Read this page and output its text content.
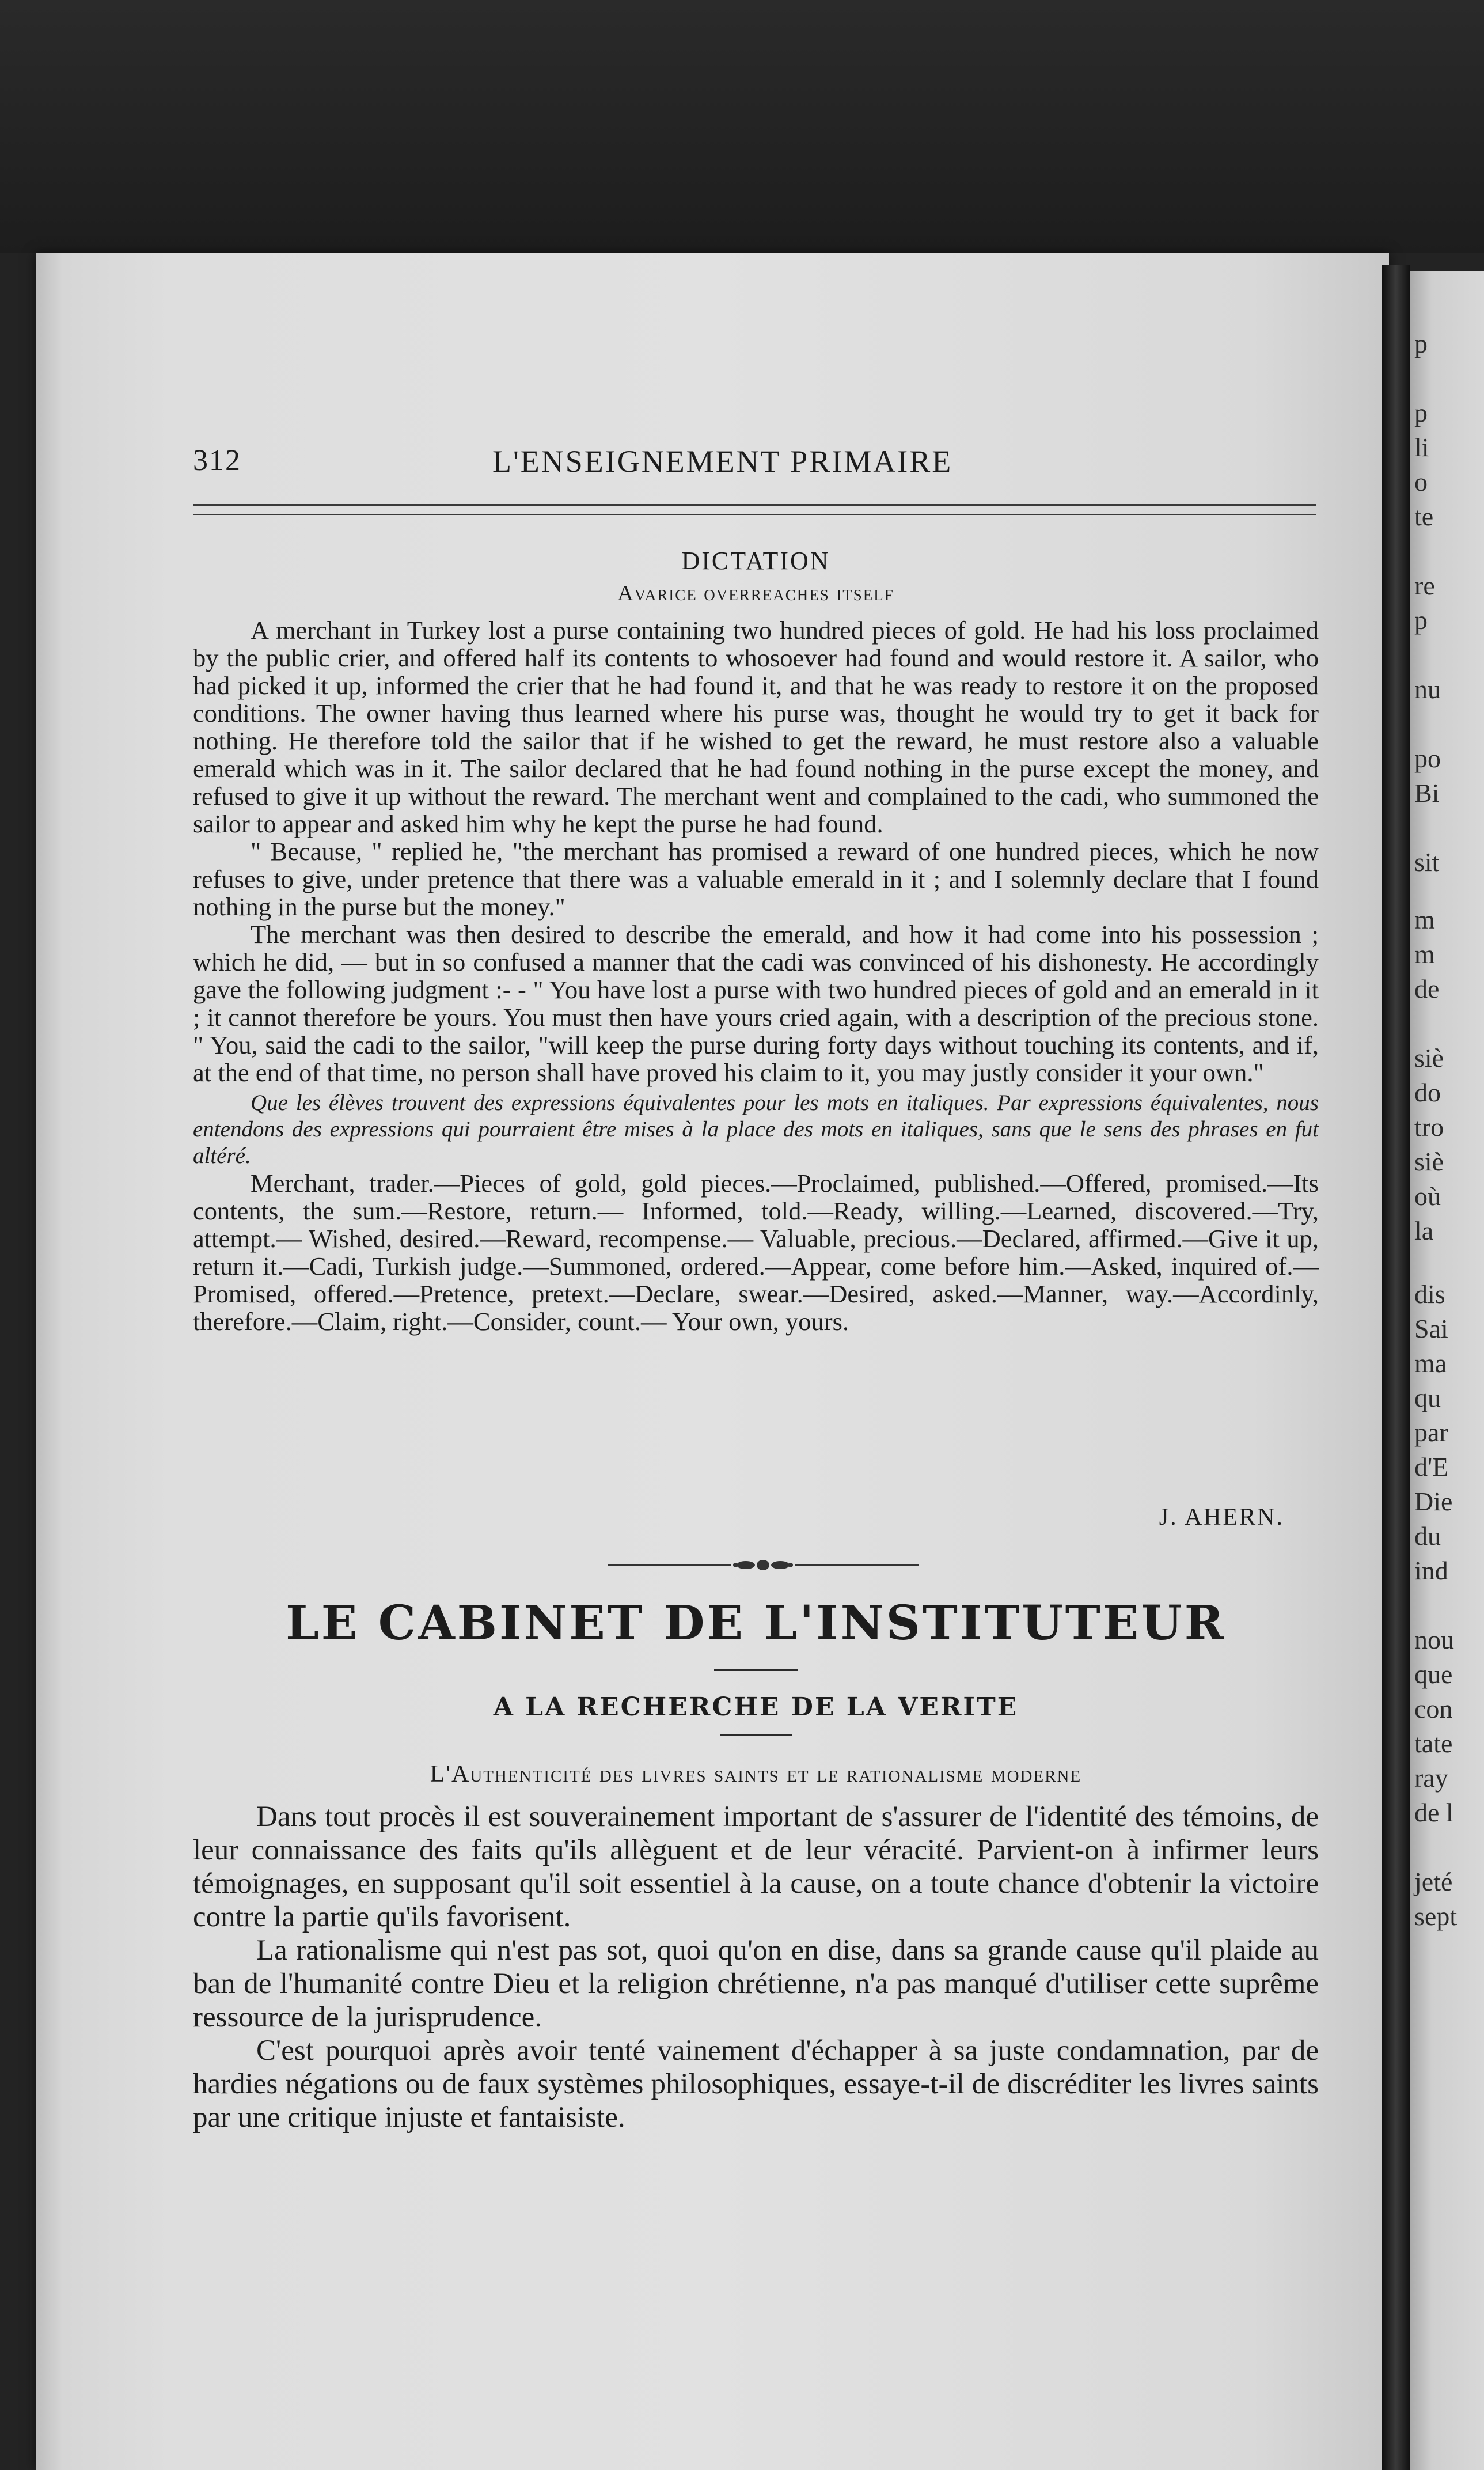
p
p
li
o
te
re
p
nu
po
Bi
sit
m
m
de
siè
do
tro
siè
où
la
dis
Sai
ma
qu
par
d'E
Die
du
ind
nou
que
con
tate
ray
de l
jeté
sept
312	L'ENSEIGNEMENT PRIMAIRE
DICTATION
Avarice overreaches itself

A merchant in Turkey lost a purse containing two hundred pieces of gold. He had his loss proclaimed by the public crier, and offered half its contents to whosoever had found and would restore it. A sailor, who had picked it up, informed the crier that he had found it, and that he was ready to restore it on the proposed conditions. The owner having thus learned where his purse was, thought he would try to get it back for nothing. He therefore told the sailor that if he wished to get the reward, he must restore also a valuable emerald which was in it. The sailor declared that he had found nothing in the purse except the money, and refused to give it up without the reward. The merchant went and complained to the cadi, who summoned the sailor to appear and asked him why he kept the purse he had found.

" Because, " replied he, "the merchant has promised a reward of one hundred pieces, which he now refuses to give, under pretence that there was a valuable emerald in it ; and I solemnly declare that I found nothing in the purse but the money."

The merchant was then desired to describe the emerald, and how it had come into his possession ; which he did, — but in so confused a manner that the cadi was convinced of his dishonesty. He accordingly gave the following judgment :- - " You have lost a purse with two hundred pieces of gold and an emerald in it ; it cannot therefore be yours. You must then have yours cried again, with a description of the precious stone. " You, said the cadi to the sailor, "will keep the purse during forty days without touching its contents, and if, at the end of that time, no person shall have proved his claim to it, you may justly consider it your own."

Que les élèves trouvent des expressions équivalentes pour les mots en italiques. Par expressions équivalentes, nous entendons des expressions qui pourraient être mises à la place des mots en italiques, sans que le sens des phrases en fut altéré.

Merchant, trader.—Pieces of gold, gold pieces.—Proclaimed, published.—Offered, promised.—Its contents, the sum.—Restore, return.— Informed, told.—Ready, willing.—Learned, discovered.—Try, attempt.— Wished, desired.—Reward, recompense.— Valuable, precious.—Declared, affirmed.—Give it up, return it.—Cadi, Turkish judge.—Summoned, ordered.—Appear, come before him.—Asked, inquired of.—Promised, offered.—Pretence, pretext.—Declare, swear.—Desired, asked.—Manner, way.—Accordinly, therefore.—Claim, right.—Consider, count.— Your own, yours.

J. AHERN.
LE CABINET DE L'INSTITUTEUR
A LA RECHERCHE DE LA VERITE
L'Authenticité des livres saints et le rationalisme moderne

Dans tout procès il est souverainement important de s'assurer de l'identité des témoins, de leur connaissance des faits qu'ils allèguent et de leur véracité. Parvient-on à infirmer leurs témoignages, en supposant qu'il soit essentiel à la cause, on a toute chance d'obtenir la victoire contre la partie qu'ils favorisent.

La rationalisme qui n'est pas sot, quoi qu'on en dise, dans sa grande cause qu'il plaide au ban de l'humanité contre Dieu et la religion chrétienne, n'a pas manqué d'utiliser cette suprême ressource de la jurisprudence.

C'est pourquoi après avoir tenté vainement d'échapper à sa juste condamnation, par de hardies négations ou de faux systèmes philosophiques, essaye-t-il de discréditer les livres saints par une critique injuste et fantaisiste.
